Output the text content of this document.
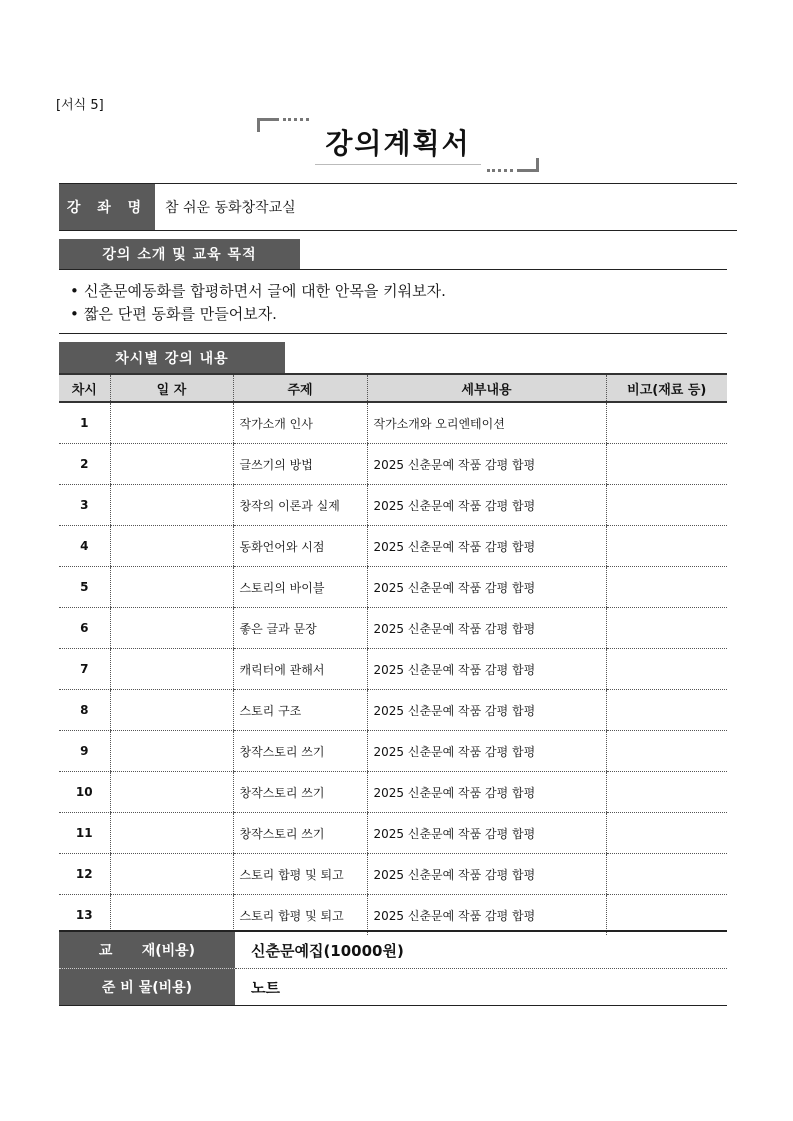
[서식 5]
강의계획서
강 좌 명	참 쉬운 동화창작교실
강의 소개 및 교육 목적
• 신춘문예동화를 합평하면서 글에 대한 안목을 키워보자.
• 짧은 단편 동화를 만들어보자.
차시별 강의 내용
차시	일 자	주제	세부내용	비고(재료 등)
1		작가소개 인사	작가소개와 오리엔테이션	
2		글쓰기의 방법	2025 신춘문예 작품 감평 합평	
3		창작의 이론과 실제	2025 신춘문예 작품 감평 합평	
4		동화언어와 시점	2025 신춘문예 작품 감평 합평	
5		스토리의 바이블	2025 신춘문예 작품 감평 합평	
6		좋은 글과 문장	2025 신춘문예 작품 감평 합평	
7		캐릭터에 관해서	2025 신춘문예 작품 감평 합평	
8		스토리 구조	2025 신춘문예 작품 감평 합평	
9		창작스토리 쓰기	2025 신춘문예 작품 감평 합평	
10		창작스토리 쓰기	2025 신춘문예 작품 감평 합평	
11		창작스토리 쓰기	2025 신춘문예 작품 감평 합평	
12		스토리 합평 및 퇴고	2025 신춘문예 작품 감평 합평	
13		스토리 합평 및 퇴고	2025 신춘문예 작품 감평 합평	
교      재(비용)	신춘문예집(10000원)
준 비 물(비용)	노트
